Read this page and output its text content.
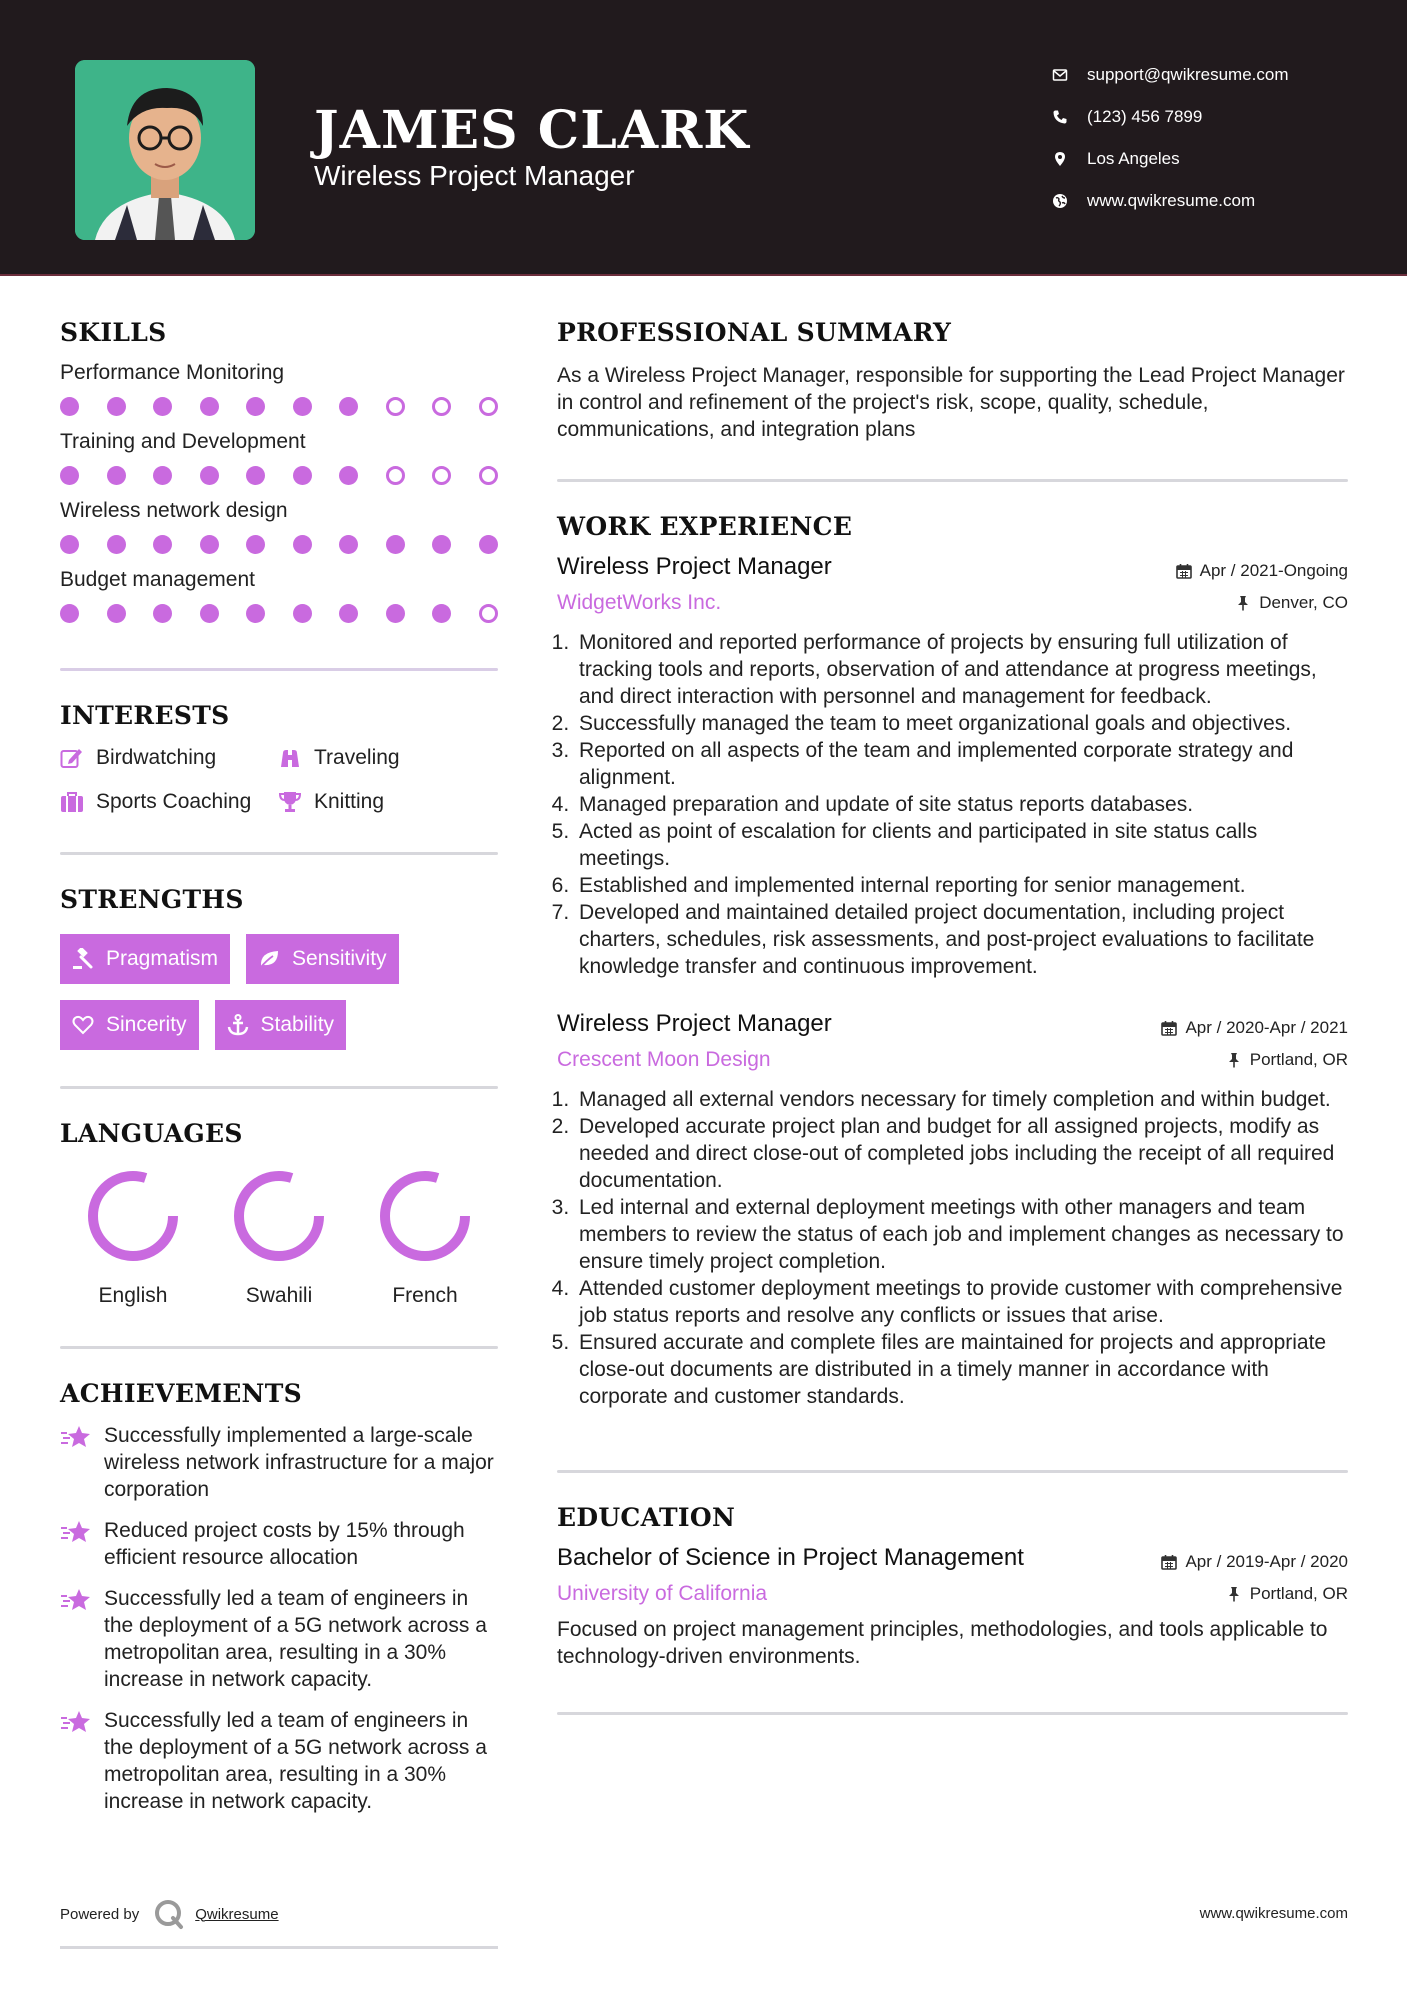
JAMES CLARK
Wireless Project Manager
support@qwikresume.com
(123) 456 7899
Los Angeles
www.qwikresume.com
SKILLS
Performance Monitoring
Training and Development
Wireless network design
Budget management
INTERESTS
Birdwatching	Traveling
Sports Coaching	Knitting
STRENGTHS
Pragmatism	Sensitivity
Sincerity	Stability
LANGUAGES
English	Swahili	French
ACHIEVEMENTS

Successfully implemented a large-scale wireless network infrastructure for a major corporation

Reduced project costs by 15% through efficient resource allocation

Successfully led a team of engineers in the deployment of a 5G network across a metropolitan area, resulting in a 30% increase in network capacity.

Successfully led a team of engineers in the deployment of a 5G network across a metropolitan area, resulting in a 30% increase in network capacity.

PROFESSIONAL SUMMARY

As a Wireless Project Manager, responsible for supporting the Lead Project Manager in control and refinement of the project's risk, scope, quality, schedule, communications, and integration plans

WORK EXPERIENCE
Wireless Project Manager	Apr / 2021-Ongoing
WidgetWorks Inc.	Denver, CO
1. Monitored and reported performance of projects by ensuring full utilization of tracking tools and reports, observation of and attendance at progress meetings, and direct interaction with personnel and management for feedback.
2. Successfully managed the team to meet organizational goals and objectives.
3. Reported on all aspects of the team and implemented corporate strategy and alignment.
4. Managed preparation and update of site status reports databases.
5. Acted as point of escalation for clients and participated in site status calls meetings.
6. Established and implemented internal reporting for senior management.
7. Developed and maintained detailed project documentation, including project charters, schedules, risk assessments, and post-project evaluations to facilitate knowledge transfer and continuous improvement.
Wireless Project Manager	Apr / 2020-Apr / 2021
Crescent Moon Design	Portland, OR
1. Managed all external vendors necessary for timely completion and within budget.
2. Developed accurate project plan and budget for all assigned projects, modify as needed and direct close-out of completed jobs including the receipt of all required documentation.
3. Led internal and external deployment meetings with other managers and team members to review the status of each job and implement changes as necessary to ensure timely project completion.
4. Attended customer deployment meetings to provide customer with comprehensive job status reports and resolve any conflicts or issues that arise.
5. Ensured accurate and complete files are maintained for projects and appropriate close-out documents are distributed in a timely manner in accordance with corporate and customer standards.
EDUCATION
Bachelor of Science in Project Management	Apr / 2019-Apr / 2020
University of California	Portland, OR

Focused on project management principles, methodologies, and tools applicable to technology-driven environments.

Powered by	Qwikresume	www.qwikresume.com
